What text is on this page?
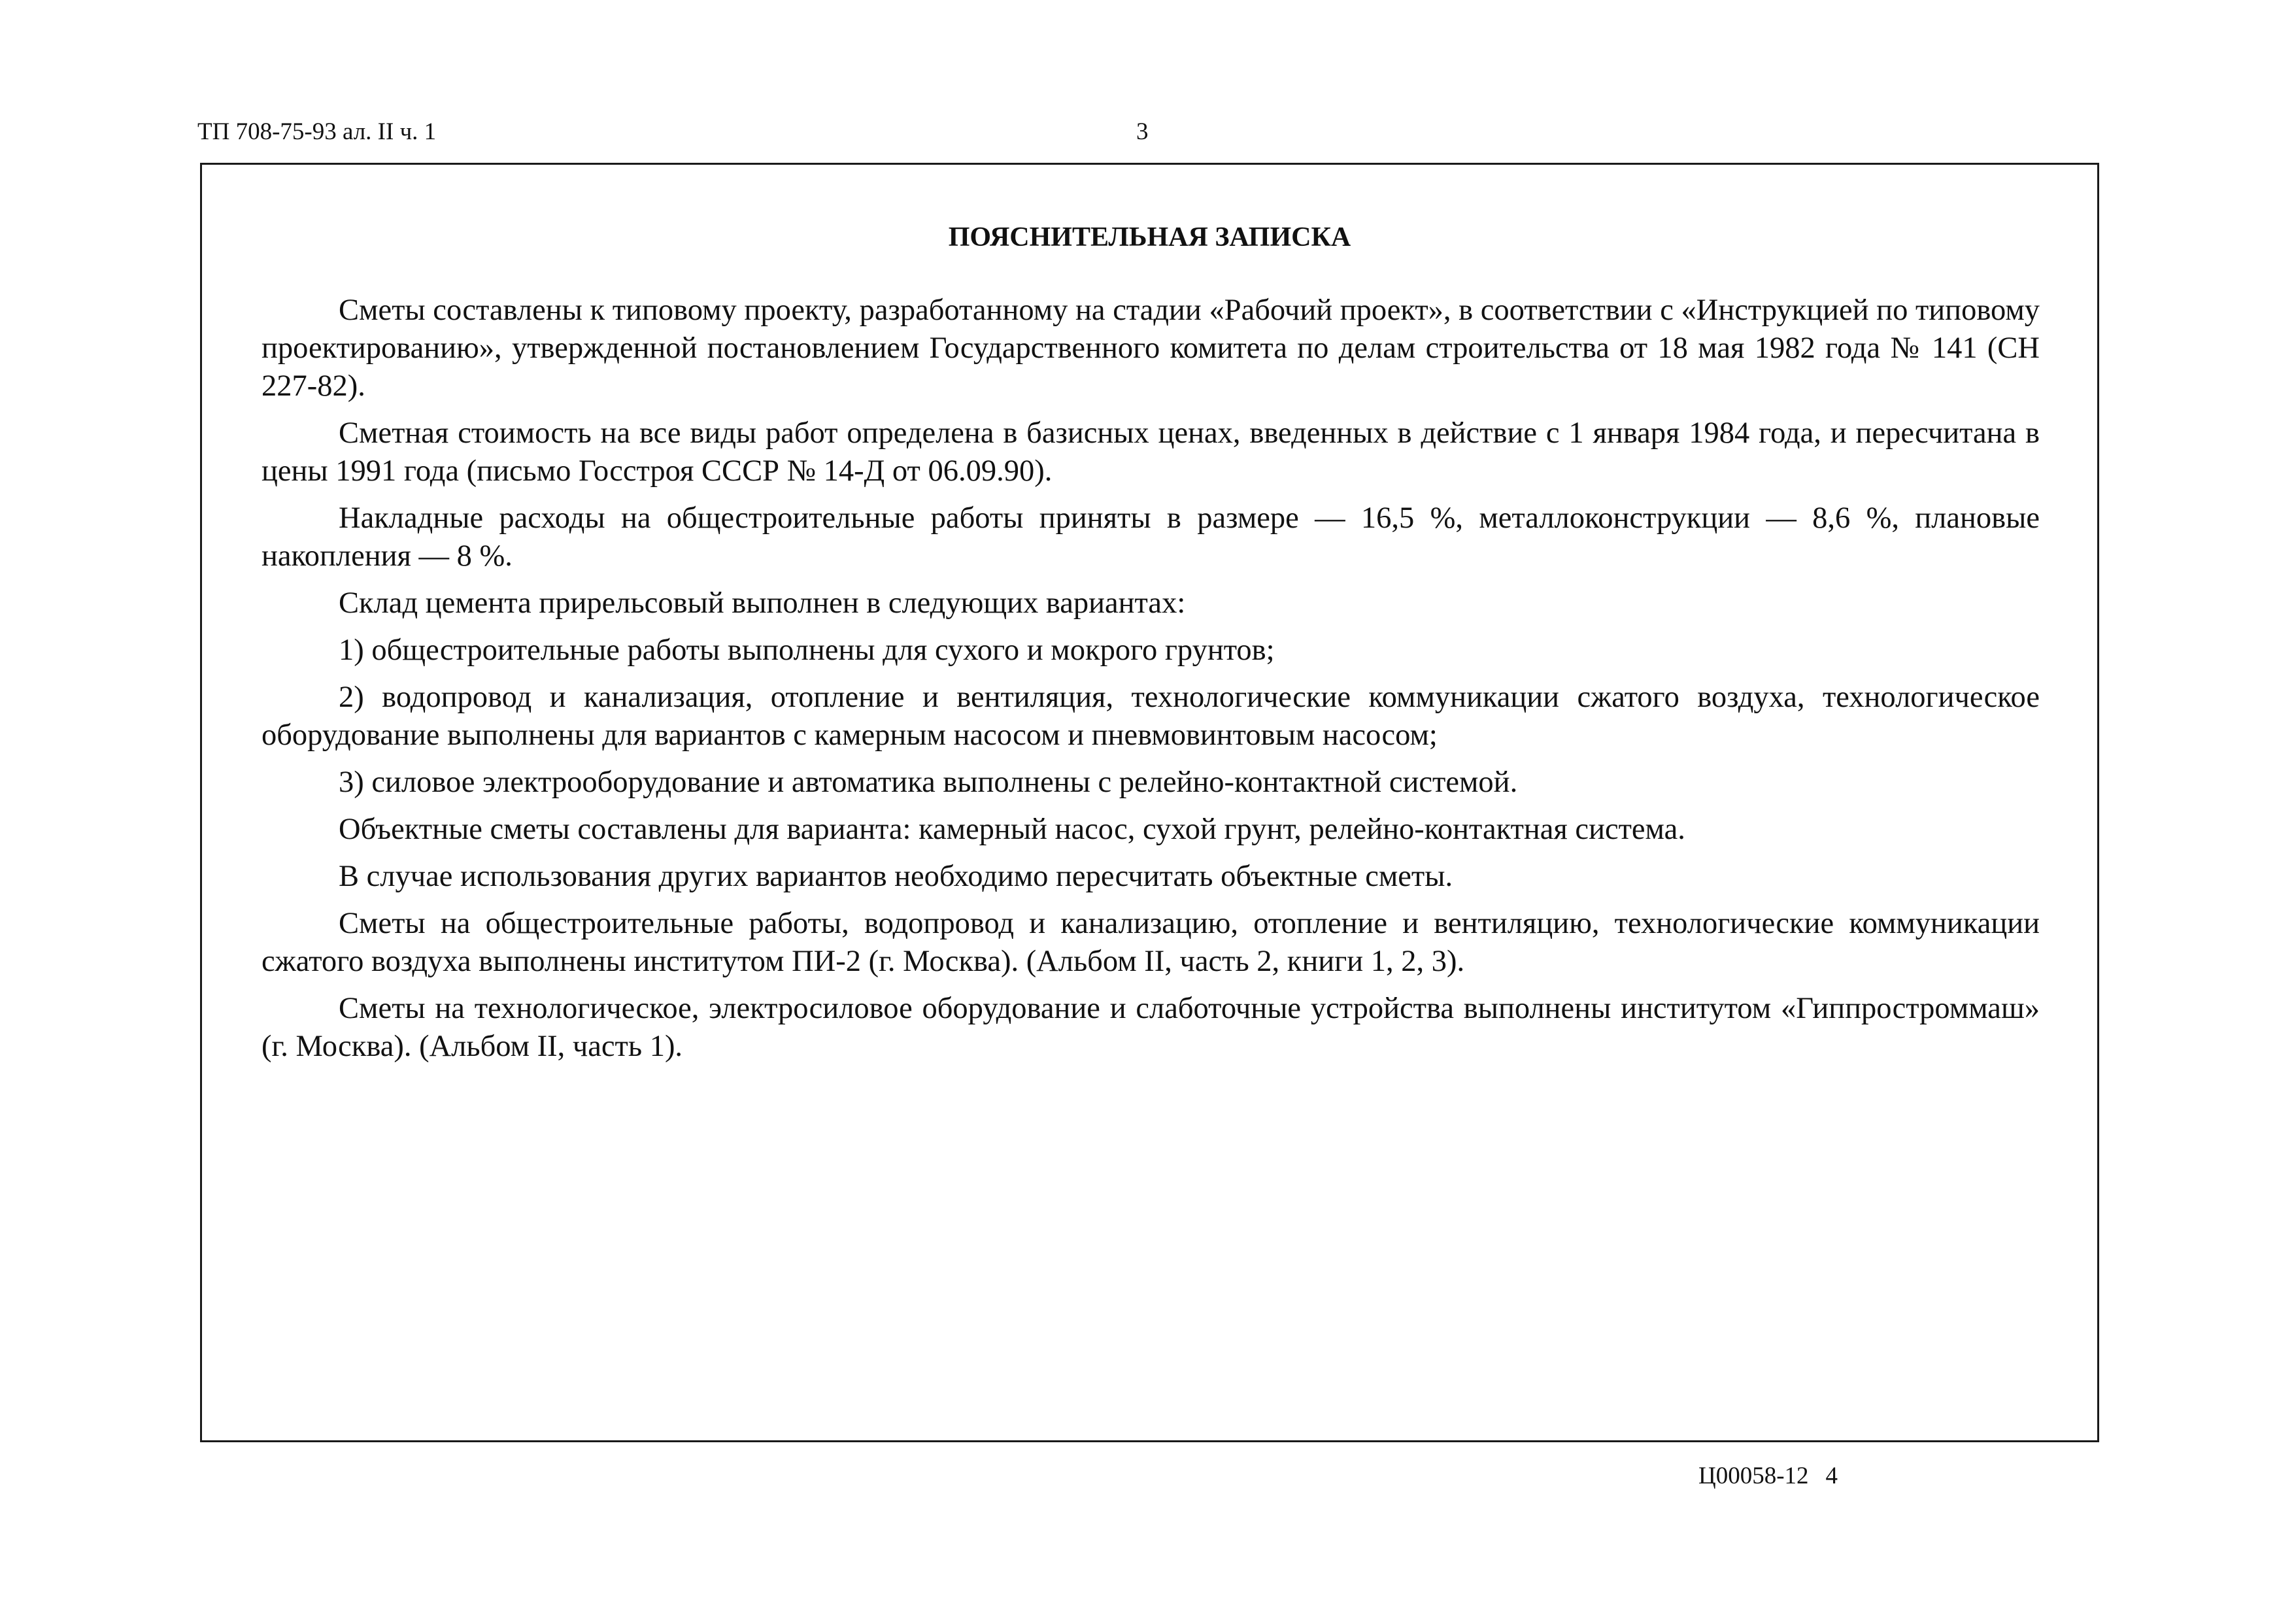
ТП 708-75-93 ал. II ч. 1	3
ПОЯСНИТЕЛЬНАЯ ЗАПИСКА

Сметы составлены к типовому проекту, разработанному на стадии «Рабочий проект», в соответствии с «Инструкцией по типовому проектированию», утвержденной постановлением Государственного комитета по делам строительства от 18 мая 1982 года № 141 (СН 227-82).

Сметная стоимость на все виды работ определена в базисных ценах, введенных в действие с 1 января 1984 года, и пересчитана в цены 1991 года (письмо Госстроя СССР № 14-Д от 06.09.90).

Накладные расходы на общестроительные работы приняты в размере — 16,5 %, металлоконструкции — 8,6 %, плановые накопления — 8 %.

Склад цемента прирельсовый выполнен в следующих вариантах:

1) общестроительные работы выполнены для сухого и мокрого грунтов;

2) водопровод и канализация, отопление и вентиляция, технологические коммуникации сжатого воздуха, технологическое оборудование выполнены для вариантов с камерным насосом и пневмовинтовым насосом;

3) силовое электрооборудование и автоматика выполнены с релейно-контактной системой.

Объектные сметы составлены для варианта: камерный насос, сухой грунт, релейно-контактная система.

В случае использования других вариантов необходимо пересчитать объектные сметы.

Сметы на общестроительные работы, водопровод и канализацию, отопление и вентиляцию, технологические коммуникации сжатого воздуха выполнены институтом ПИ-2 (г. Москва). (Альбом II, часть 2, книги 1, 2, 3).

Сметы на технологическое, электросиловое оборудование и слаботочные устройства выполнены институтом «Гиппростроммаш» (г. Москва). (Альбом II, часть 1).

Ц00058-12 4
